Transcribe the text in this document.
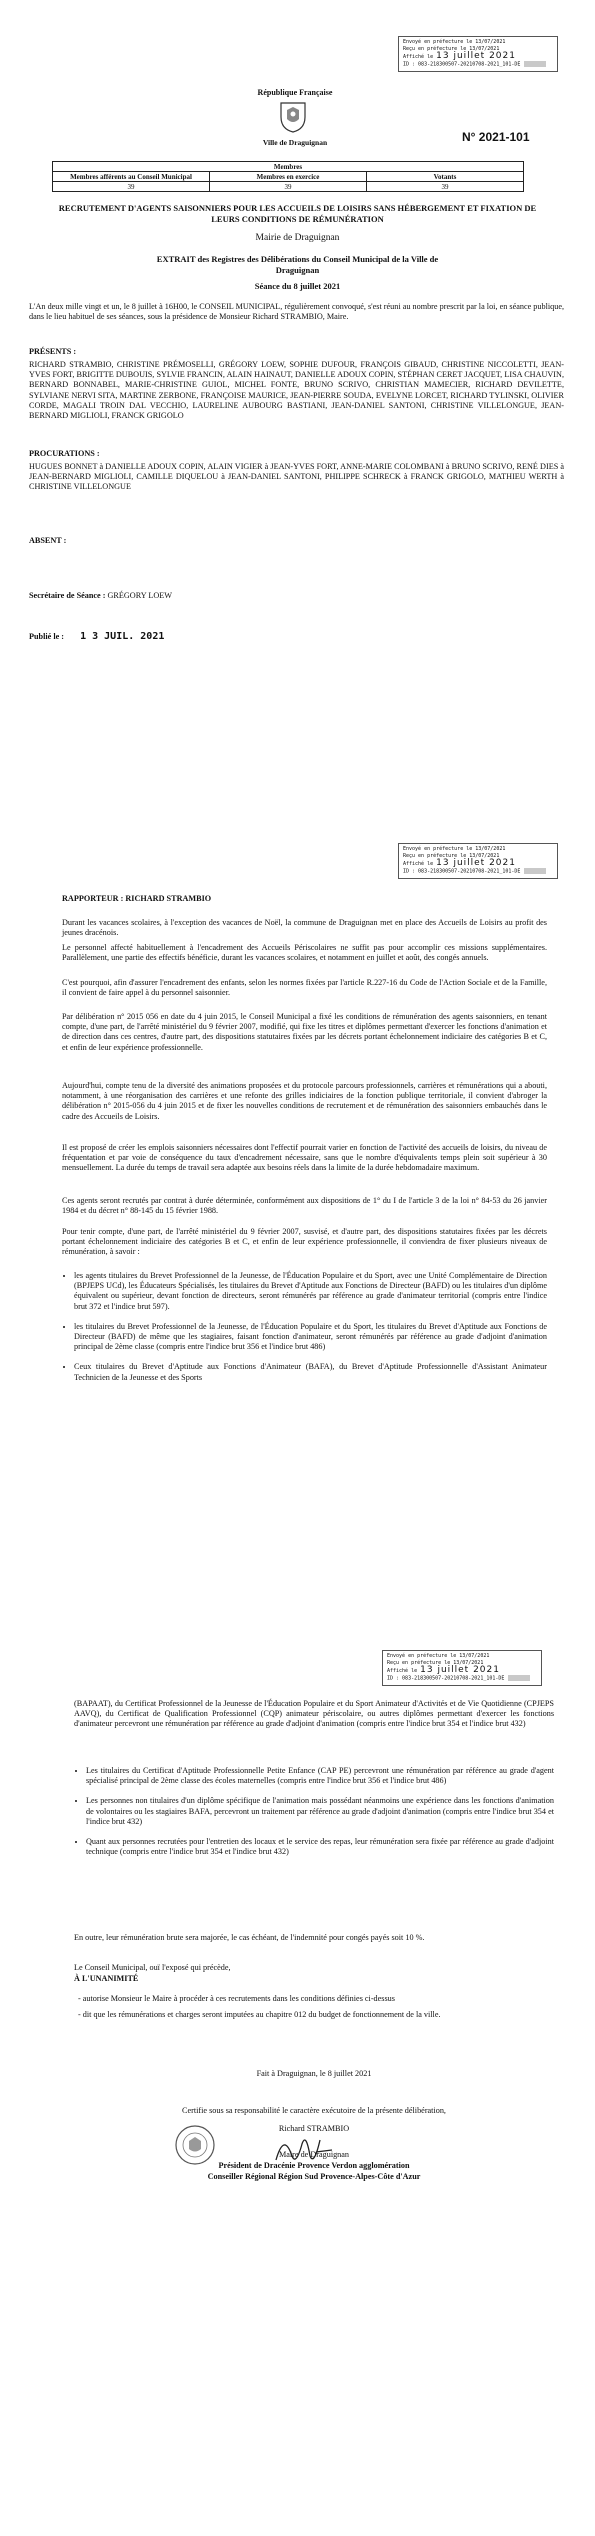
Envoyé en préfecture le 13/07/2021
Reçu en préfecture le 13/07/2021
Affiché le 13 juillet 2021
ID : 083-218300507-20210708-2021_101-DE
République Française
Ville de Draguignan	N° 2021-101
Membres		
Membres afférents au Conseil Municipal	Membres en exercice	Votants
39	39	39
RECRUTEMENT D'AGENTS SAISONNIERS POUR LES ACCUEILS DE LOISIRS SANS HÉBERGEMENT ET FIXATION DE LEURS CONDITIONS DE RÉMUNÉRATION
Mairie de Draguignan
EXTRAIT des Registres des Délibérations du Conseil Municipal de la Ville de Draguignan
Séance du 8 juillet 2021
L'An deux mille vingt et un, le 8 juillet à 16H00, le CONSEIL MUNICIPAL, régulièrement convoqué, s'est réuni au nombre prescrit par la loi, en séance publique, dans le lieu habituel de ses séances, sous la présidence de Monsieur Richard STRAMBIO, Maire.
PRÉSENTS :
RICHARD STRAMBIO, CHRISTINE PRÉMOSELLI, GRÉGORY LOEW, SOPHIE DUFOUR, FRANÇOIS GIBAUD, CHRISTINE NICCOLETTI, JEAN-YVES FORT, BRIGITTE DUBOUIS, SYLVIE FRANCIN, ALAIN HAINAUT, DANIELLE ADOUX COPIN, STÉPHAN CERET JACQUET, LISA CHAUVIN, BERNARD BONNABEL, MARIE-CHRISTINE GUIOL, MICHEL FONTE, BRUNO SCRIVO, CHRISTIAN MAMECIER, RICHARD DEVILETTE, SYLVIANE NERVI SITA, MARTINE ZERBONE, FRANÇOISE MAURICE, JEAN-PIERRE SOUDA, EVELYNE LORCET, RICHARD TYLINSKI, OLIVIER CORDE, MAGALI TROIN DAL VECCHIO, LAURELINE AUBOURG BASTIANI, JEAN-DANIEL SANTONI, CHRISTINE VILLELONGUE, JEAN-BERNARD MIGLIOLI, FRANCK GRIGOLO
PROCURATIONS :
HUGUES BONNET à DANIELLE ADOUX COPIN, ALAIN VIGIER à JEAN-YVES FORT, ANNE-MARIE COLOMBANI à BRUNO SCRIVO, RENÉ DIES à JEAN-BERNARD MIGLIOLI, CAMILLE DIQUELOU à JEAN-DANIEL SANTONI, PHILIPPE SCHRECK à FRANCK GRIGOLO, MATHIEU WERTH à CHRISTINE VILLELONGUE
ABSENT :
Secrétaire de Séance : GRÉGORY LOEW
Publié le : 1 3 JUIL. 2021
Envoyé en préfecture le 13/07/2021
Reçu en préfecture le 13/07/2021
Affiché le 13 juillet 2021
ID : 083-218300507-20210708-2021_101-DE
RAPPORTEUR : RICHARD STRAMBIO
Durant les vacances scolaires, à l'exception des vacances de Noël, la commune de Draguignan met en place des Accueils de Loisirs au profit des jeunes dracénois.
Le personnel affecté habituellement à l'encadrement des Accueils Périscolaires ne suffit pas pour accomplir ces missions supplémentaires. Parallèlement, une partie des effectifs bénéficie, durant les vacances scolaires, et notamment en juillet et août, des congés annuels.
C'est pourquoi, afin d'assurer l'encadrement des enfants, selon les normes fixées par l'article R.227-16 du Code de l'Action Sociale et de la Famille, il convient de faire appel à du personnel saisonnier.
Par délibération n° 2015 056 en date du 4 juin 2015, le Conseil Municipal a fixé les conditions de rémunération des agents saisonniers, en tenant compte, d'une part, de l'arrêté ministériel du 9 février 2007, modifié, qui fixe les titres et diplômes permettant d'exercer les fonctions d'animation et de direction dans ces centres, d'autre part, des dispositions statutaires fixées par les décrets portant échelonnement indiciaire des catégories B et C, et enfin de leur expérience professionnelle.
Aujourd'hui, compte tenu de la diversité des animations proposées et du protocole parcours professionnels, carrières et rémunérations qui a abouti, notamment, à une réorganisation des carrières et une refonte des grilles indiciaires de la fonction publique territoriale, il convient d'abroger la délibération n° 2015-056 du 4 juin 2015 et de fixer les nouvelles conditions de recrutement et de rémunération des saisonniers embauchés dans le cadre des Accueils de Loisirs.
Il est proposé de créer les emplois saisonniers nécessaires dont l'effectif pourrait varier en fonction de l'activité des accueils de loisirs, du niveau de fréquentation et par voie de conséquence du taux d'encadrement nécessaire, sans que le nombre d'équivalents temps plein soit supérieur à 30 mensuellement. La durée du temps de travail sera adaptée aux besoins réels dans la limite de la durée hebdomadaire maximum.
Ces agents seront recrutés par contrat à durée déterminée, conformément aux dispositions de 1° du I de l'article 3 de la loi n° 84-53 du 26 janvier 1984 et du décret n° 88-145 du 15 février 1988.
Pour tenir compte, d'une part, de l'arrêté ministériel du 9 février 2007, susvisé, et d'autre part, des dispositions statutaires fixées par les décrets portant échelonnement indiciaire des catégories B et C, et enfin de leur expérience professionnelle, il conviendra de fixer plusieurs niveaux de rémunération, à savoir :
• les agents titulaires du Brevet Professionnel de la Jeunesse, de l'Éducation Populaire et du Sport, avec une Unité Complémentaire de Direction (BPJEPS UCd), les Éducateurs Spécialisés, les titulaires du Brevet d'Aptitude aux Fonctions de Directeur (BAFD) ou les titulaires d'un diplôme équivalent ou supérieur, devant fonction de directeurs, seront rémunérés par référence au grade d'animateur territorial (compris entre l'indice brut 372 et l'indice brut 597).
• les titulaires du Brevet Professionnel de la Jeunesse, de l'Éducation Populaire et du Sport, les titulaires du Brevet d'Aptitude aux Fonctions de Directeur (BAFD) de même que les stagiaires, faisant fonction d'animateur, seront rémunérés par référence au grade d'adjoint d'animation principal de 2ème classe (compris entre l'indice brut 356 et l'indice brut 486)
• Ceux titulaires du Brevet d'Aptitude aux Fonctions d'Animateur (BAFA), du Brevet d'Aptitude Professionnelle d'Assistant Animateur Technicien de la Jeunesse et des Sports
Envoyé en préfecture le 13/07/2021
Reçu en préfecture le 13/07/2021
Affiché le 13 juillet 2021
ID : 083-218300507-20210708-2021_101-DE
(BAPAAT), du Certificat Professionnel de la Jeunesse de l'Éducation Populaire et du Sport Animateur d'Activités et de Vie Quotidienne (CPJEPS AAVQ), du Certificat de Qualification Professionnel (CQP) animateur périscolaire, ou autres diplômes permettant d'exercer les fonctions d'animateur percevront une rémunération par référence au grade d'adjoint d'animation (compris entre l'indice brut 354 et l'indice brut 432)
• Les titulaires du Certificat d'Aptitude Professionnelle Petite Enfance (CAP PE) percevront une rémunération par référence au grade d'agent spécialisé principal de 2ème classe des écoles maternelles (compris entre l'indice brut 356 et l'indice brut 486)
• Les personnes non titulaires d'un diplôme spécifique de l'animation mais possédant néanmoins une expérience dans les fonctions d'animation de volontaires ou les stagiaires BAFA, percevront un traitement par référence au grade d'adjoint d'animation (compris entre l'indice brut 354 et l'indice brut 432)
• Quant aux personnes recrutées pour l'entretien des locaux et le service des repas, leur rémunération sera fixée par référence au grade d'adjoint technique (compris entre l'indice brut 354 et l'indice brut 432)
En outre, leur rémunération brute sera majorée, le cas échéant, de l'indemnité pour congés payés soit 10 %.
Le Conseil Municipal, ouï l'exposé qui précède,
À L'UNANIMITÉ
- autorise Monsieur le Maire à procéder à ces recrutements dans les conditions définies ci-dessus
- dit que les rémunérations et charges seront imputées au chapitre 012 du budget de fonctionnement de la ville.
Fait à Draguignan, le 8 juillet 2021
Certifie sous sa responsabilité le caractère exécutoire de la présente délibération,
Richard STRAMBIO
Maire de Draguignan
Président de Dracénie Provence Verdon agglomération
Conseiller Régional Région Sud Provence-Alpes-Côte d'Azur
